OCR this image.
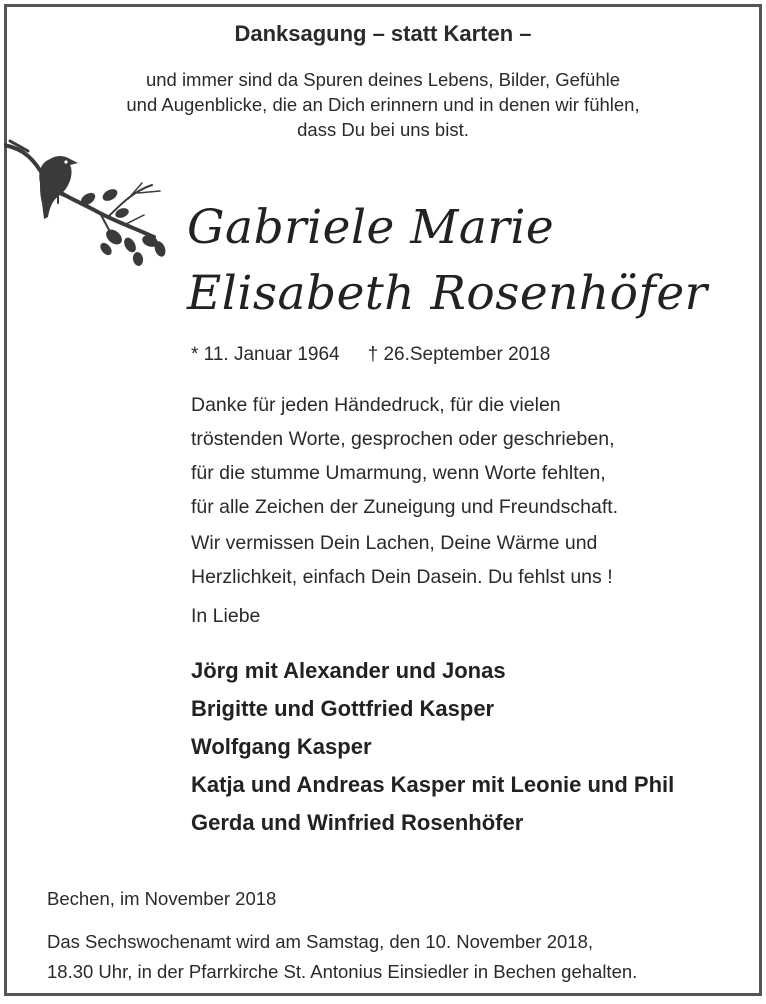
Danksagung – statt Karten –
und immer sind da Spuren deines Lebens, Bilder, Gefühle
und Augenblicke, die an Dich erinnern und in denen wir fühlen,
dass Du bei uns bist.
Gabriele Marie
Elisabeth Rosenhöfer
* 11. Januar 1964 † 26.September 2018
Danke für jeden Händedruck, für die vielen
tröstenden Worte, gesprochen oder geschrieben,
für die stumme Umarmung, wenn Worte fehlten,
für alle Zeichen der Zuneigung und Freundschaft.
Wir vermissen Dein Lachen, Deine Wärme und
Herzlichkeit, einfach Dein Dasein. Du fehlst uns !
In Liebe
Jörg mit Alexander und Jonas
Brigitte und Gottfried Kasper
Wolfgang Kasper
Katja und Andreas Kasper mit Leonie und Phil
Gerda und Winfried Rosenhöfer
Bechen, im November 2018
Das Sechswochenamt wird am Samstag, den 10. November 2018,
18.30 Uhr, in der Pfarrkirche St. Antonius Einsiedler in Bechen gehalten.
